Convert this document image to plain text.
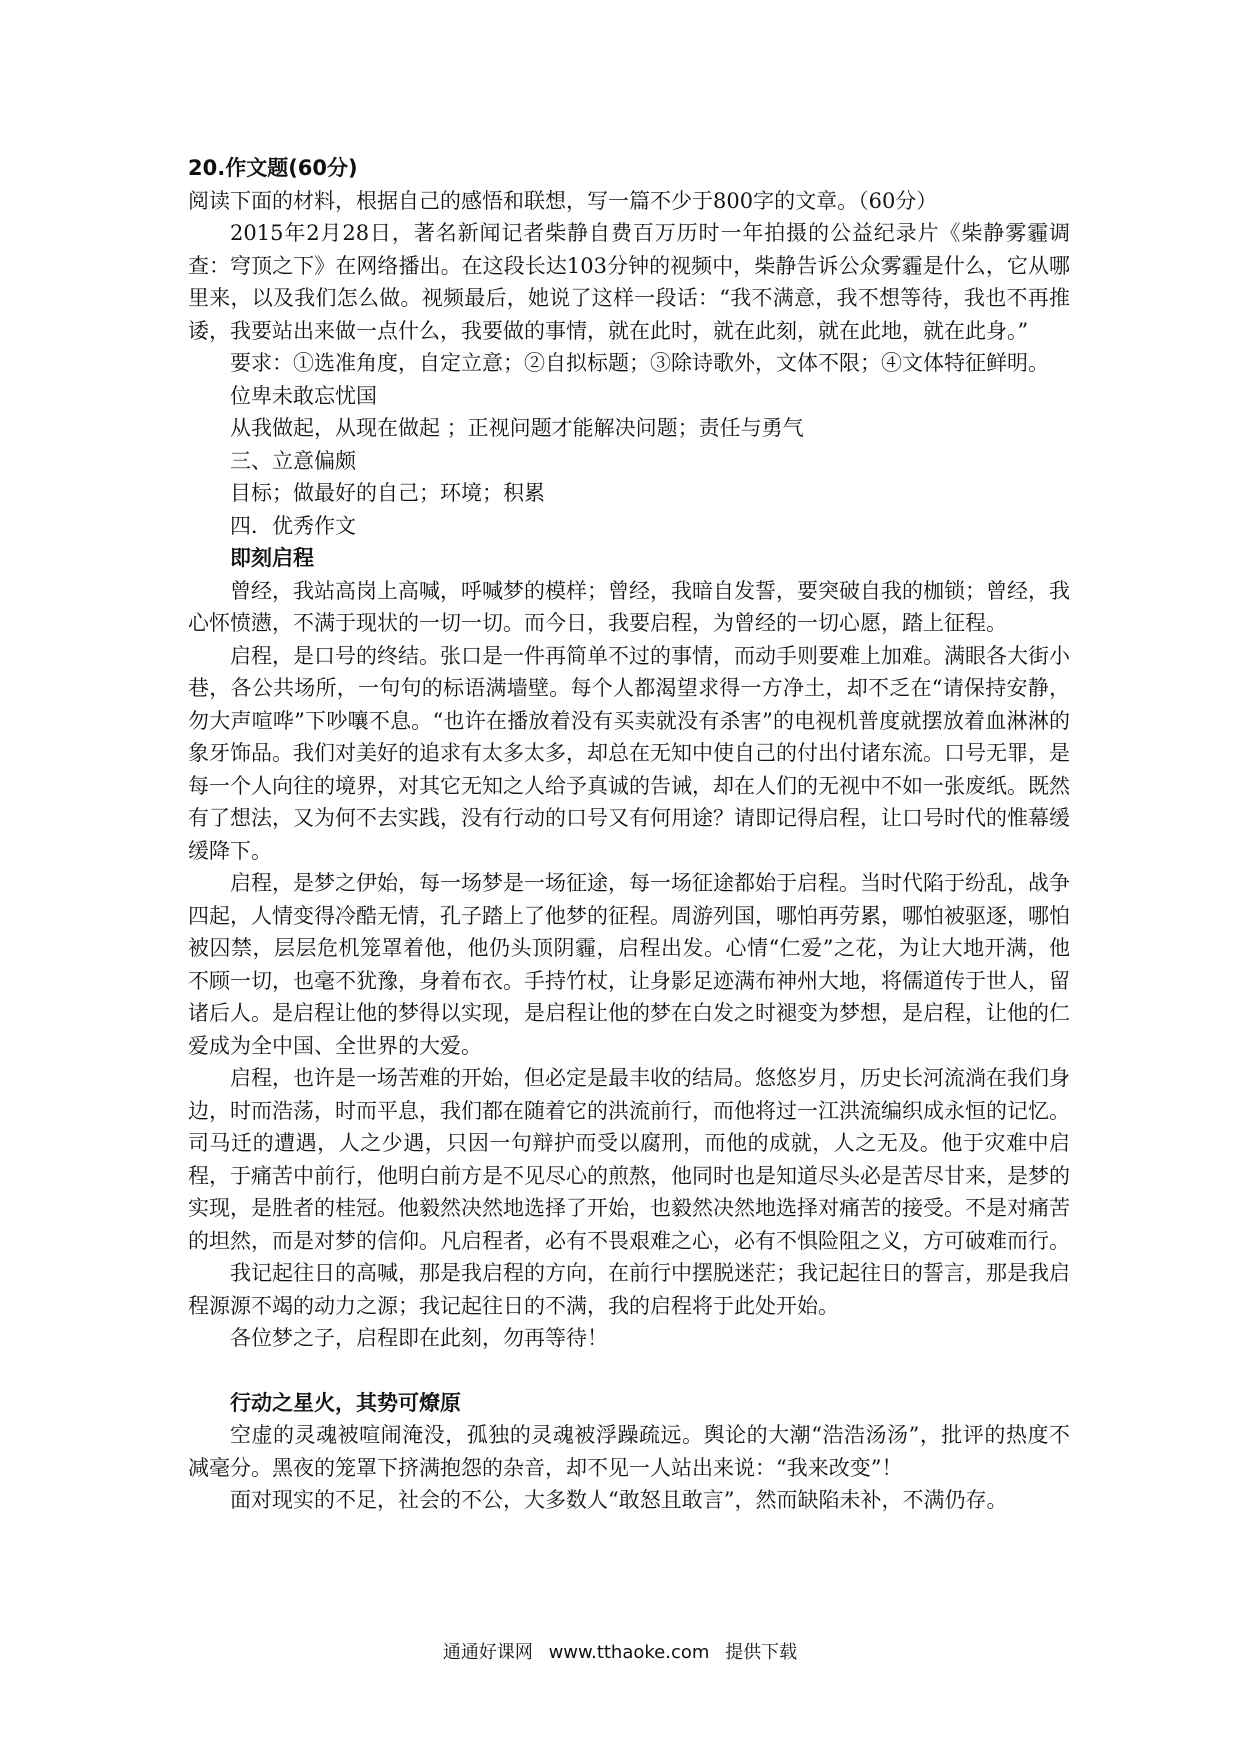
20.作文题(60分)

阅读下面的材料，根据自己的感悟和联想，写一篇不少于800字的文章。（60分）

2015年2月28日，著名新闻记者柴静自费百万历时一年拍摄的公益纪录片《柴静雾霾调查：穹顶之下》在网络播出。在这段长达103分钟的视频中，柴静告诉公众雾霾是什么，它从哪里来，以及我们怎么做。视频最后，她说了这样一段话：“我不满意，我不想等待，我也不再推诿，我要站出来做一点什么，我要做的事情，就在此时，就在此刻，就在此地，就在此身。”

要求：①选准角度，自定立意；②自拟标题；③除诗歌外，文体不限；④文体特征鲜明。

位卑未敢忘忧国

从我做起，从现在做起 ；正视问题才能解决问题；责任与勇气

三、立意偏颇

目标；做最好的自己；环境；积累

四．优秀作文

即刻启程

曾经，我站高岗上高喊，呼喊梦的模样；曾经，我暗自发誓，要突破自我的枷锁；曾经，我心怀愤懑，不满于现状的一切一切。而今日，我要启程，为曾经的一切心愿，踏上征程。

启程，是口号的终结。张口是一件再简单不过的事情，而动手则要难上加难。满眼各大街小巷，各公共场所，一句句的标语满墙壁。每个人都渴望求得一方净土，却不乏在“请保持安静，勿大声喧哗”下吵嚷不息。“也许在播放着没有买卖就没有杀害”的电视机普度就摆放着血淋淋的象牙饰品。我们对美好的追求有太多太多，却总在无知中使自己的付出付诸东流。口号无罪，是每一个人向往的境界，对其它无知之人给予真诚的告诫，却在人们的无视中不如一张废纸。既然有了想法，又为何不去实践，没有行动的口号又有何用途？请即记得启程，让口号时代的惟幕缓缓降下。

启程，是梦之伊始，每一场梦是一场征途，每一场征途都始于启程。当时代陷于纷乱，战争四起，人情变得冷酷无情，孔子踏上了他梦的征程。周游列国，哪怕再劳累，哪怕被驱逐，哪怕被囚禁，层层危机笼罩着他，他仍头顶阴霾，启程出发。心情“仁爱”之花，为让大地开满，他不顾一切，也毫不犹豫，身着布衣。手持竹杖，让身影足迹满布神州大地，将儒道传于世人，留诸后人。是启程让他的梦得以实现，是启程让他的梦在白发之时褪变为梦想，是启程，让他的仁爱成为全中国、全世界的大爱。

启程，也许是一场苦难的开始，但必定是最丰收的结局。悠悠岁月，历史长河流淌在我们身边，时而浩荡，时而平息，我们都在随着它的洪流前行，而他将过一江洪流编织成永恒的记忆。司马迁的遭遇，人之少遇，只因一句辩护而受以腐刑，而他的成就，人之无及。他于灾难中启程，于痛苦中前行，他明白前方是不见尽心的煎熬，他同时也是知道尽头必是苦尽甘来，是梦的实现，是胜者的桂冠。他毅然决然地选择了开始，也毅然决然地选择对痛苦的接受。不是对痛苦的坦然，而是对梦的信仰。凡启程者，必有不畏艰难之心，必有不惧险阻之义，方可破难而行。

我记起往日的高喊，那是我启程的方向，在前行中摆脱迷茫；我记起往日的誓言，那是我启程源源不竭的动力之源；我记起往日的不满，我的启程将于此处开始。

各位梦之子，启程即在此刻，勿再等待！

行动之星火，其势可燎原

空虚的灵魂被喧闹淹没，孤独的灵魂被浮躁疏远。舆论的大潮“浩浩汤汤”，批评的热度不减毫分。黑夜的笼罩下挤满抱怨的杂音，却不见一人站出来说：“我来改变”！

面对现实的不足，社会的不公，大多数人“敢怒且敢言”，然而缺陷未补，不满仍存。

通通好课网 www.tthaoke.com 提供下载
